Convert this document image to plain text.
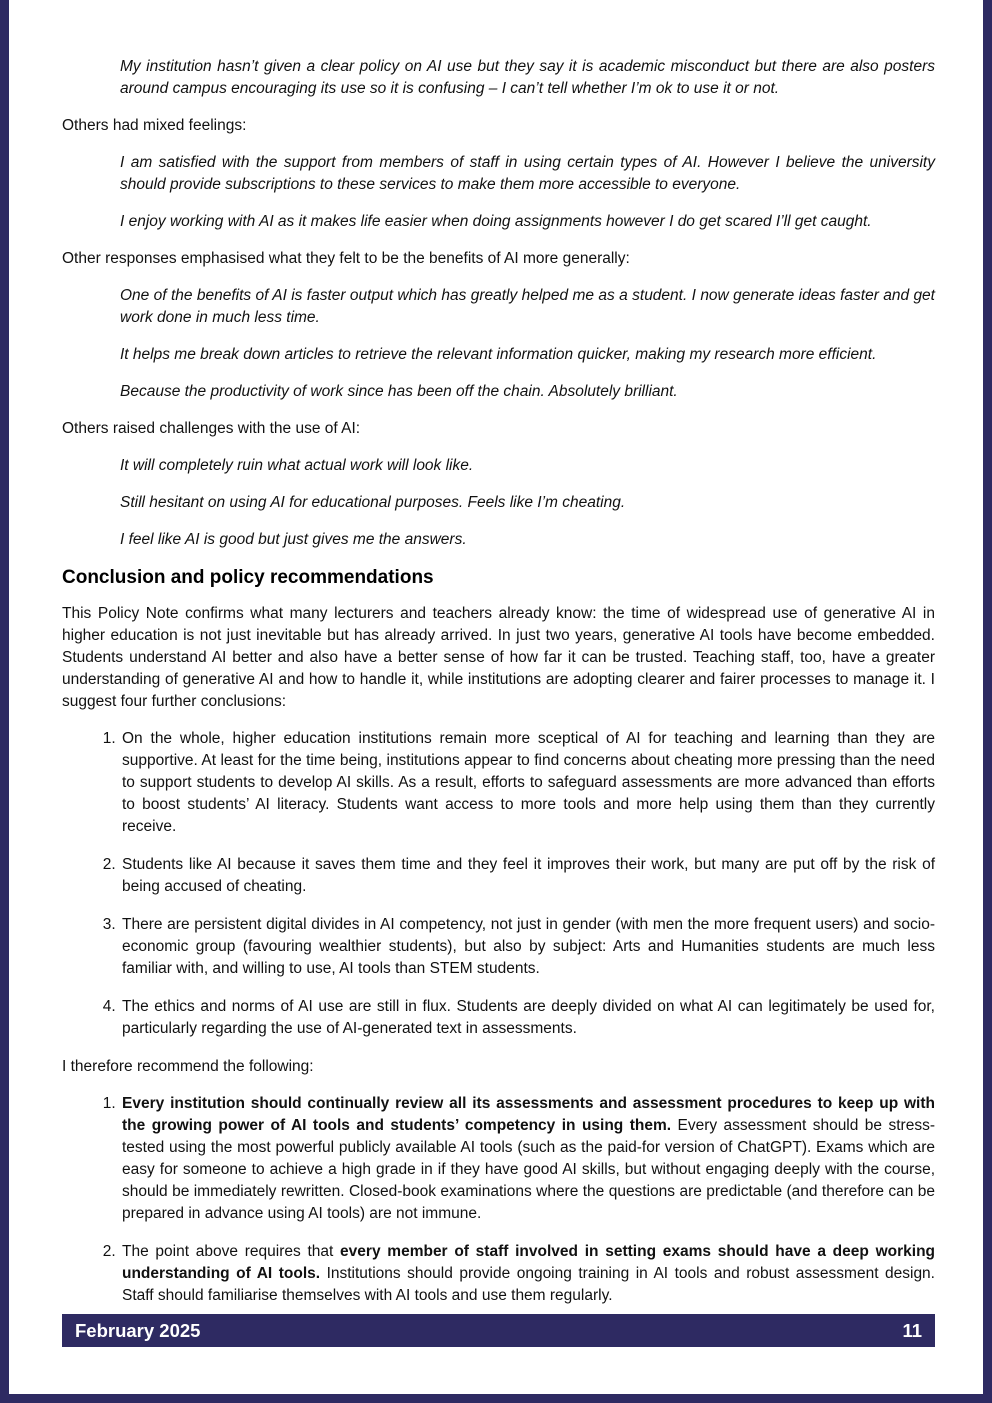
My institution hasn’t given a clear policy on AI use but they say it is academic misconduct but there are also posters around campus encouraging its use so it is confusing – I can’t tell whether I’m ok to use it or not.

Others had mixed feelings:

I am satisfied with the support from members of staff in using certain types of AI. However I believe the university should provide subscriptions to these services to make them more accessible to everyone.

I enjoy working with AI as it makes life easier when doing assignments however I do get scared I’ll get caught.

Other responses emphasised what they felt to be the benefits of AI more generally:

One of the benefits of AI is faster output which has greatly helped me as a student. I now generate ideas faster and get work done in much less time.

It helps me break down articles to retrieve the relevant information quicker, making my research more efficient.

Because the productivity of work since has been off the chain. Absolutely brilliant.

Others raised challenges with the use of AI:

It will completely ruin what actual work will look like.

Still hesitant on using AI for educational purposes. Feels like I’m cheating.

I feel like AI is good but just gives me the answers.

Conclusion and policy recommendations

This Policy Note confirms what many lecturers and teachers already know: the time of widespread use of generative AI in higher education is not just inevitable but has already arrived. In just two years, generative AI tools have become embedded. Students understand AI better and also have a better sense of how far it can be trusted. Teaching staff, too, have a greater understanding of generative AI and how to handle it, while institutions are adopting clearer and fairer processes to manage it. I suggest four further conclusions:

1. On the whole, higher education institutions remain more sceptical of AI for teaching and learning than they are supportive. At least for the time being, institutions appear to find concerns about cheating more pressing than the need to support students to develop AI skills. As a result, efforts to safeguard assessments are more advanced than efforts to boost students’ AI literacy. Students want access to more tools and more help using them than they currently receive.
2. Students like AI because it saves them time and they feel it improves their work, but many are put off by the risk of being accused of cheating.
3. There are persistent digital divides in AI competency, not just in gender (with men the more frequent users) and socio-economic group (favouring wealthier students), but also by subject: Arts and Humanities students are much less familiar with, and willing to use, AI tools than STEM students.
4. The ethics and norms of AI use are still in flux. Students are deeply divided on what AI can legitimately be used for, particularly regarding the use of AI-generated text in assessments.

I therefore recommend the following:

1. Every institution should continually review all its assessments and assessment procedures to keep up with the growing power of AI tools and students’ competency in using them. Every assessment should be stress-tested using the most powerful publicly available AI tools (such as the paid-for version of ChatGPT). Exams which are easy for someone to achieve a high grade in if they have good AI skills, but without engaging deeply with the course, should be immediately rewritten. Closed-book examinations where the questions are predictable (and therefore can be prepared in advance using AI tools) are not immune.
2. The point above requires that every member of staff involved in setting exams should have a deep working understanding of AI tools. Institutions should provide ongoing training in AI tools and robust assessment design. Staff should familiarise themselves with AI tools and use them regularly.
February 2025	11
